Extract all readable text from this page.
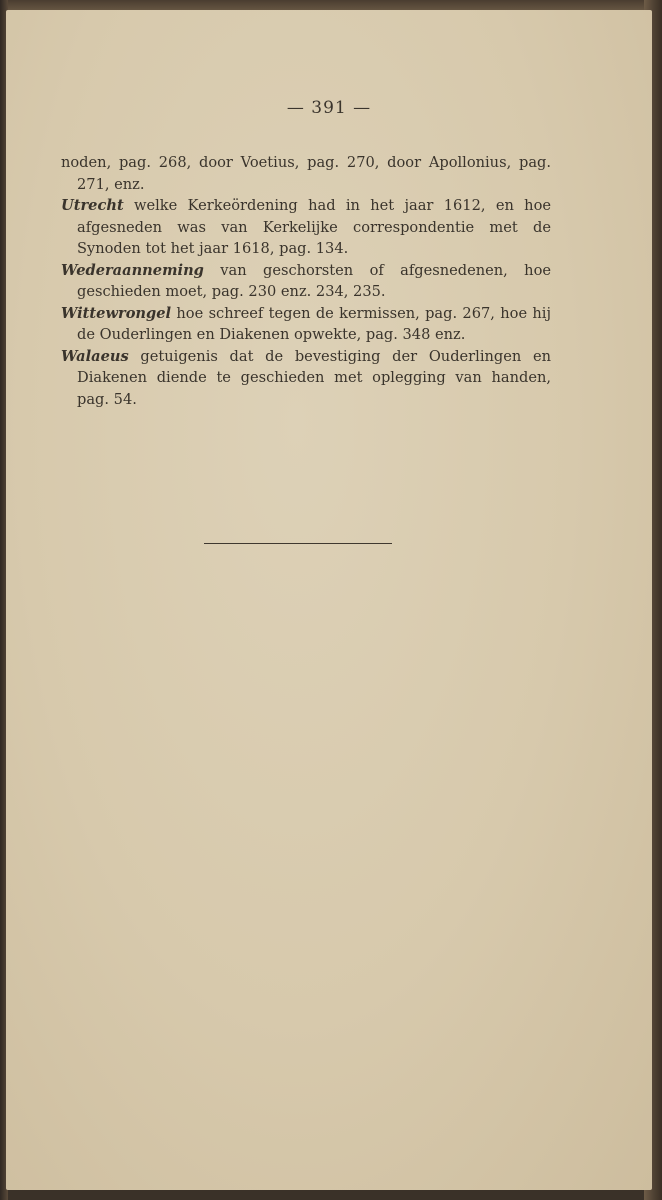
— 391 —
noden, pag. 268, door Voetius, pag. 270, door Apollonius, pag. 271, enz.
Utrecht welke Kerkeördening had in het jaar 1612, en hoe afgesneden was van Kerkelijke correspondentie met de Synoden tot het jaar 1618, pag. 134.
Wederaanneming van geschorsten of afgesnedenen, hoe geschieden moet, pag. 230 enz. 234, 235.
Wittewrongel hoe schreef tegen de kermissen, pag. 267, hoe hij de Ouderlingen en Diakenen opwekte, pag. 348 enz.
Walaeus getuigenis dat de bevestiging der Ouderlingen en Diakenen diende te geschieden met oplegging van handen, pag. 54.
